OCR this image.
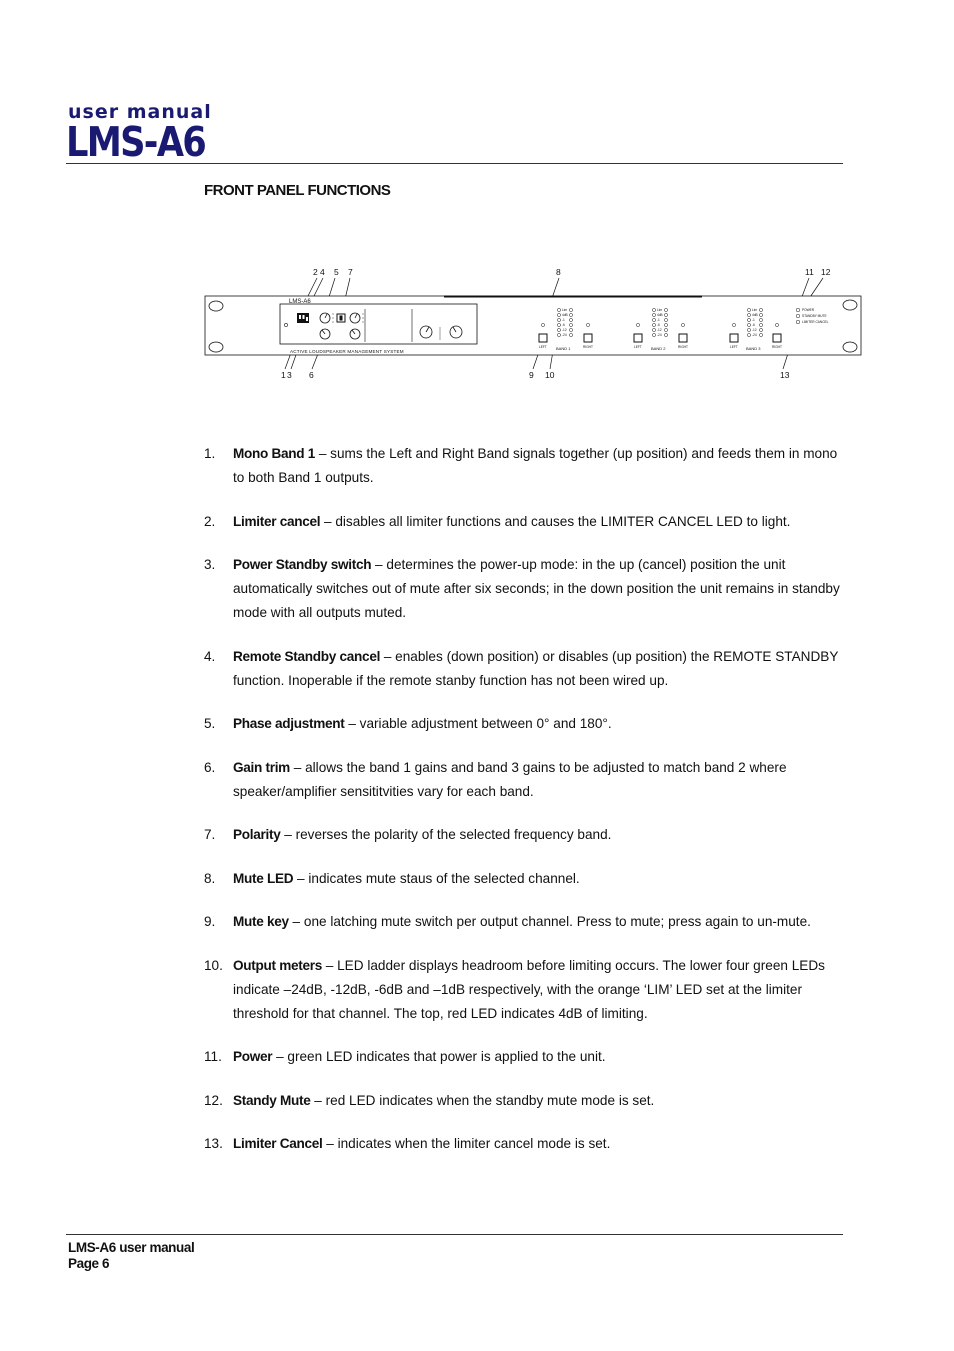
user manual
LMS-A6
FRONT PANEL FUNCTIONS
2 4 5 7	8	11 12
1 3 6	9 10	13
LMS-A6
ACTIVE LOUDSPEAKER MANAGEMENT SYSTEM
Lim
4dB
-1
-6
-12
-24
LEFT	RIGHT
BAND 1
Lim
4dB
-1
-6
-12
-24
LEFT	RIGHT
BAND 2
Lim
4dB
-1
-6
-12
-24
LEFT	RIGHT
BAND 3
POWER
STANDBY MUTE
LIMITER CANCEL
1. Mono Band 1 – sums the Left and Right Band signals together (up position) and feeds them in mono to both Band 1 outputs.
2. Limiter cancel – disables all limiter functions and causes the LIMITER CANCEL LED to light.
3. Power Standby switch – determines the power-up mode: in the up (cancel) position the unit automatically switches out of mute after six seconds; in the down position the unit remains in standby mode with all outputs muted.
4. Remote Standby cancel – enables (down position) or disables (up position) the REMOTE STANDBY function. Inoperable if the remote stanby function has not been wired up.
5. Phase adjustment – variable adjustment between 0° and 180°.
6. Gain trim – allows the band 1 gains and band 3 gains to be adjusted to match band 2 where speaker/amplifier sensititvities vary for each band.
7. Polarity – reverses the polarity of the selected frequency band.
8. Mute LED – indicates mute staus of the selected channel.
9. Mute key – one latching mute switch per output channel. Press to mute; press again to un-mute.
10. Output meters – LED ladder displays headroom before limiting occurs. The lower four green LEDs indicate –24dB, -12dB, -6dB and –1dB respectively, with the orange ‘LIM’ LED set at the limiter threshold for that channel. The top, red LED indicates 4dB of limiting.
11. Power – green LED indicates that power is applied to the unit.
12. Standy Mute – red LED indicates when the standby mute mode is set.
13. Limiter Cancel – indicates when the limiter cancel mode is set.
LMS-A6 user manual
Page 6
